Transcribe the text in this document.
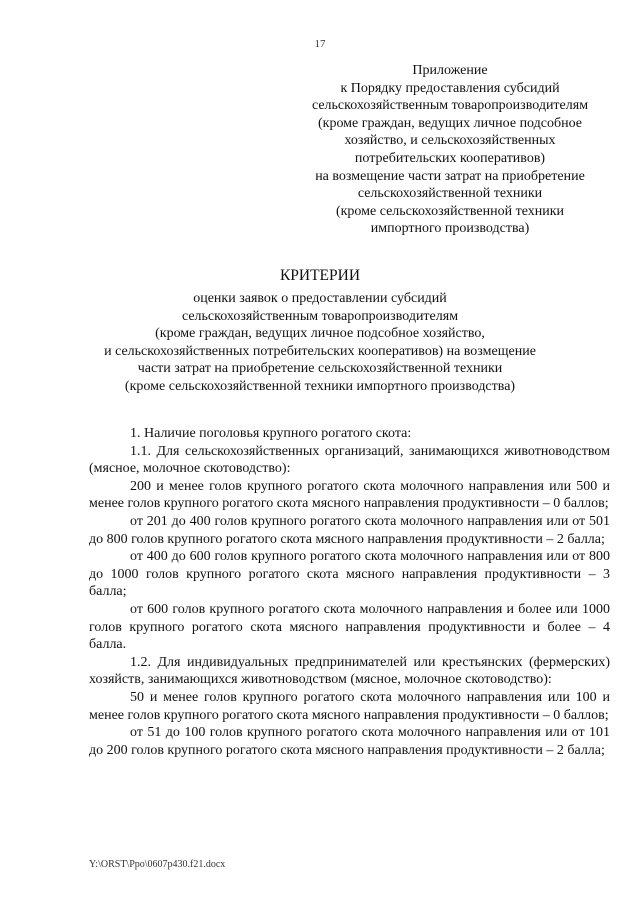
17
Приложение
к Порядку предоставления субсидий
сельскохозяйственным товаропроизводителям
(кроме граждан, ведущих личное подсобное
хозяйство, и сельскохозяйственных
потребительских кооперативов)
на возмещение части затрат на приобретение
сельскохозяйственной техники
(кроме сельскохозяйственной техники
импортного производства)
КРИТЕРИИ
оценки заявок о предоставлении субсидий
сельскохозяйственным товаропроизводителям
(кроме граждан, ведущих личное подсобное хозяйство,
и сельскохозяйственных потребительских кооперативов) на возмещение
части затрат на приобретение сельскохозяйственной техники
(кроме сельскохозяйственной техники импортного производства)

1. Наличие поголовья крупного рогатого скота:

1.1. Для сельскохозяйственных организаций, занимающихся животноводством (мясное, молочное скотоводство):

200 и менее голов крупного рогатого скота молочного направления или 500 и менее голов крупного рогатого скота мясного направления продуктивности – 0 баллов;

от 201 до 400 голов крупного рогатого скота молочного направления или от 501 до 800 голов крупного рогатого скота мясного направления продуктивности – 2 балла;

от 400 до 600 голов крупного рогатого скота молочного направления или от 800 до 1000 голов крупного рогатого скота мясного направления продуктивности – 3 балла;

от 600 голов крупного рогатого скота молочного направления и более или 1000 голов крупного рогатого скота мясного направления продуктивности и более – 4 балла.

1.2. Для индивидуальных предпринимателей или крестьянских (фермерских) хозяйств, занимающихся животноводством (мясное, молочное скотоводство):

50 и менее голов крупного рогатого скота молочного направления или 100 и менее голов крупного рогатого скота мясного направления продуктивности – 0 баллов;

от 51 до 100 голов крупного рогатого скота молочного направления или от 101 до 200 голов крупного рогатого скота мясного направления продуктивности – 2 балла;

Y:\ORST\Ppo\0607p430.f21.docx
